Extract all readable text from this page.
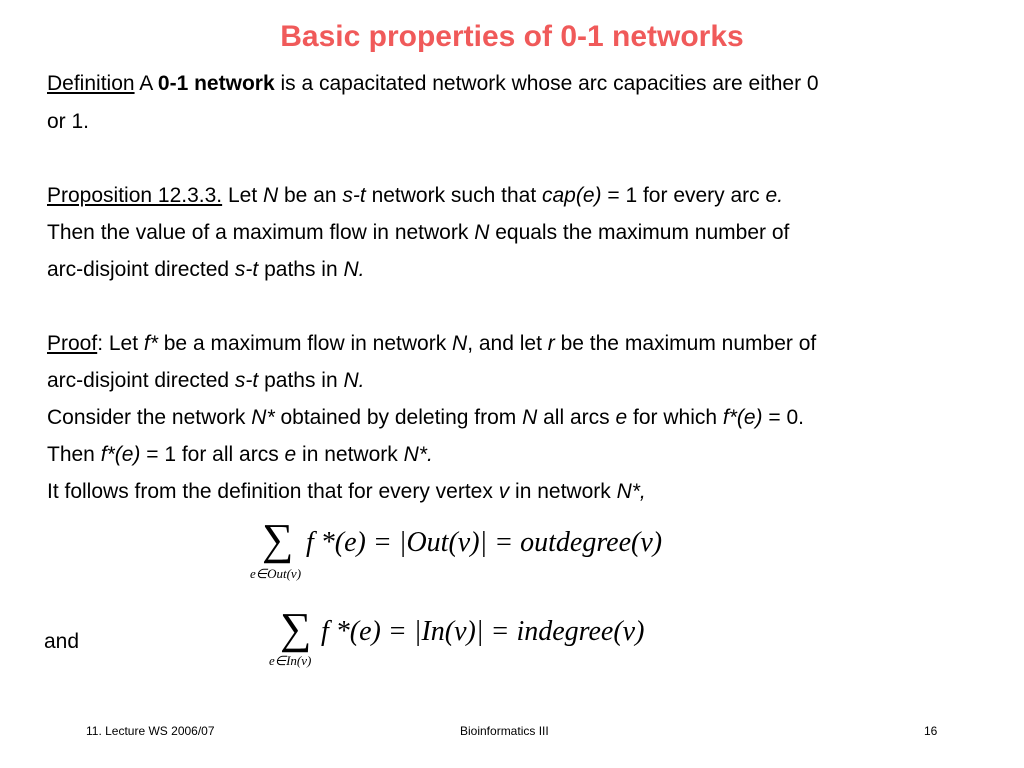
Basic properties of 0-1 networks
Definition A 0-1 network is a capacitated network whose arc capacities are either 0
or 1.
Proposition 12.3.3. Let N be an s-t network such that cap(e) = 1 for every arc e.
Then the value of a maximum flow in network N equals the maximum number of
arc-disjoint directed s-t paths in N.
Proof: Let f* be a maximum flow in network N, and let r be the maximum number of
arc-disjoint directed s-t paths in N.
Consider the network N* obtained by deleting from N all arcs e for which f*(e) = 0.
Then f*(e) = 1 for all arcs e in network N*.
It follows from the definition that for every vertex v in network N*,
∑ f *(e) = |Out(v)| = outdegree(v)
e∈Out(v)
and	∑ f *(e) = |In(v)| = indegree(v)
e∈In(v)
11. Lecture WS 2006/07	Bioinformatics III	16
